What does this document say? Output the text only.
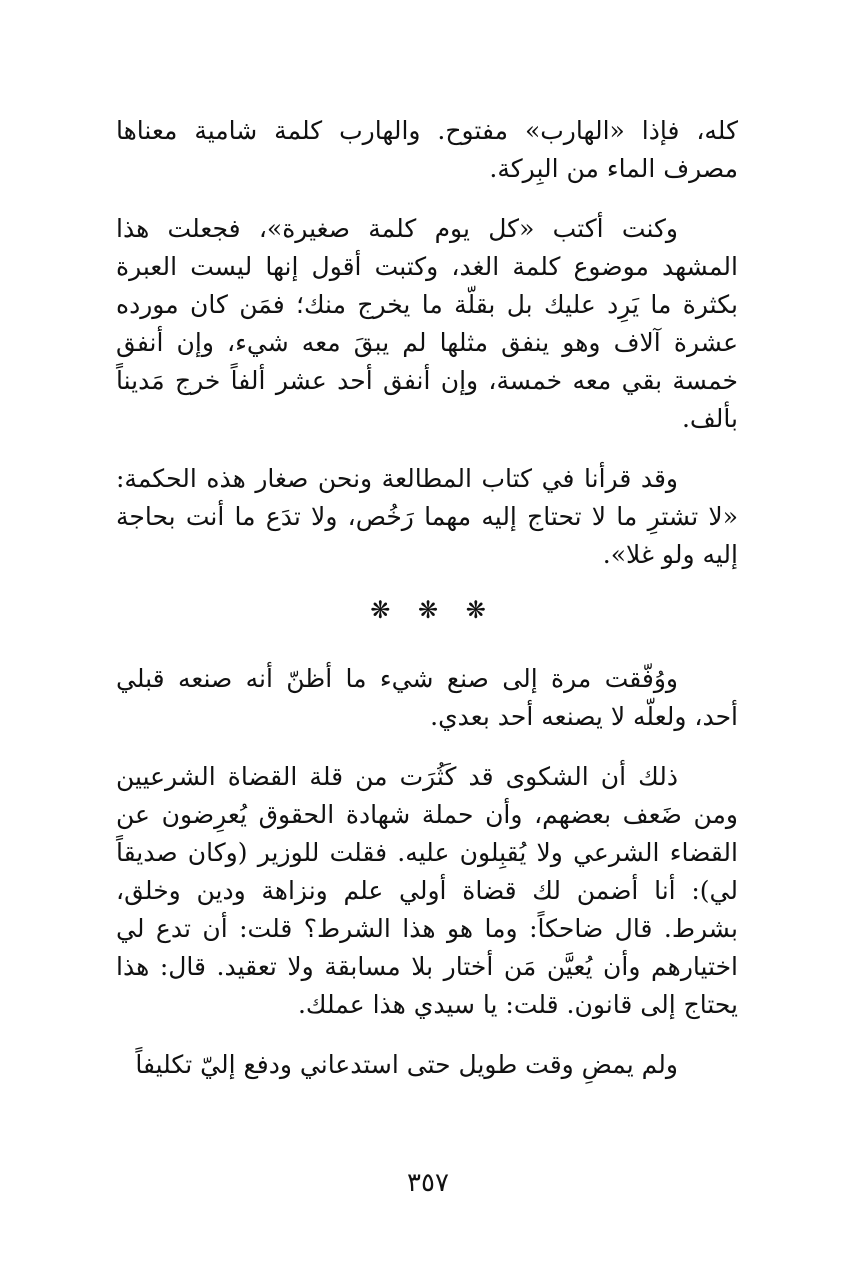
كله، فإذا «الهارب» مفتوح. والهارب كلمة شامية معناها مصرف الماء من البِركة.

وكنت أكتب «كل يوم كلمة صغيرة»، فجعلت هذا المشهد موضوع كلمة الغد، وكتبت أقول إنها ليست العبرة بكثرة ما يَرِد عليك بل بقلّة ما يخرج منك؛ فمَن كان مورده عشرة آلاف وهو ينفق مثلها لم يبقَ معه شيء، وإن أنفق خمسة بقي معه خمسة، وإن أنفق أحد عشر ألفاً خرج مَديناً بألف.

وقد قرأنا في كتاب المطالعة ونحن صغار هذه الحكمة: «لا تشترِ ما لا تحتاج إليه مهما رَخُص، ولا تدَع ما أنت بحاجة إليه ولو غلا».

❋ ❋ ❋

ووُفّقت مرة إلى صنع شيء ما أظنّ أنه صنعه قبلي أحد، ولعلّه لا يصنعه أحد بعدي.

ذلك أن الشكوى قد كَثُرَت من قلة القضاة الشرعيين ومن ضَعف بعضهم، وأن حملة شهادة الحقوق يُعرِضون عن القضاء الشرعي ولا يُقبِلون عليه. فقلت للوزير (وكان صديقاً لي): أنا أضمن لك قضاة أولي علم ونزاهة ودين وخلق، بشرط. قال ضاحكاً: وما هو هذا الشرط؟ قلت: أن تدع لي اختيارهم وأن يُعيَّن مَن أختار بلا مسابقة ولا تعقيد. قال: هذا يحتاج إلى قانون. قلت: يا سيدي هذا عملك.

ولم يمضِ وقت طويل حتى استدعاني ودفع إليّ تكليفاً

٣٥٧
